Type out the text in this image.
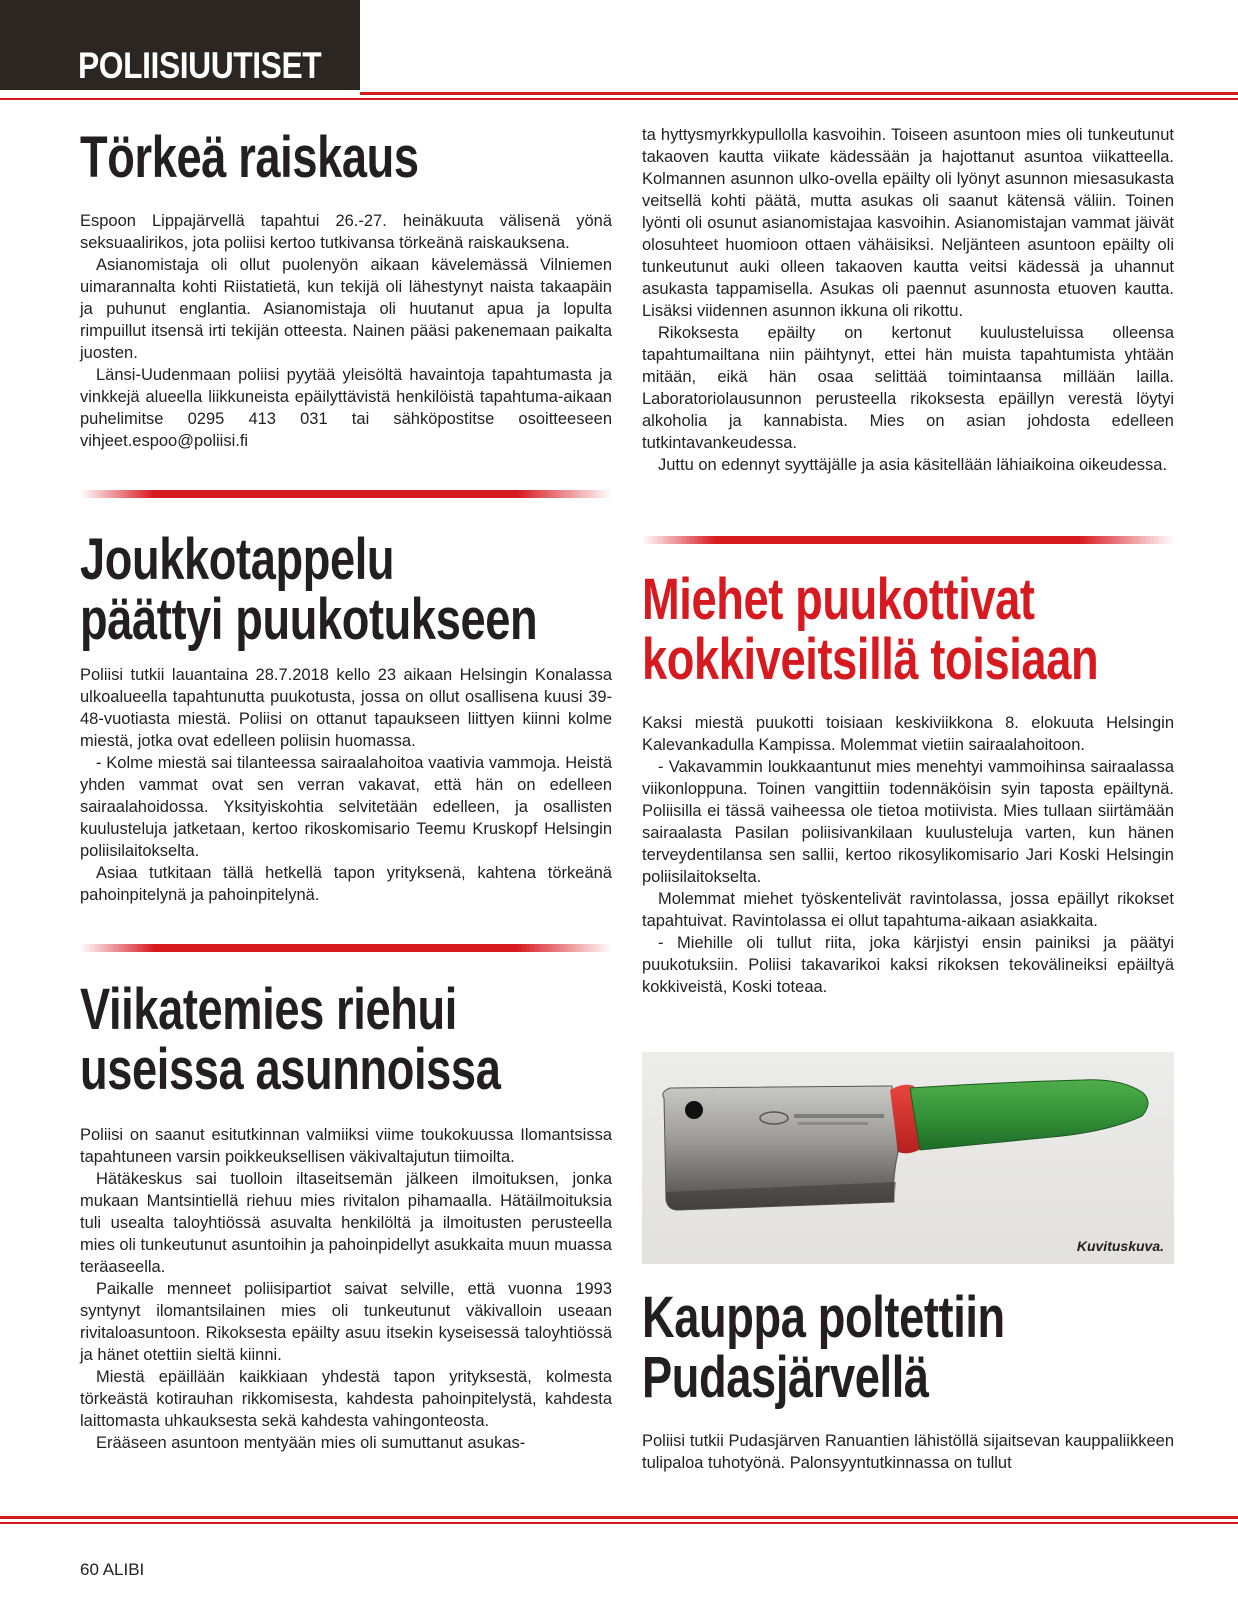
POLIISIUUTISET
Törkeä raiskaus

Espoon Lippajärvellä tapahtui 26.-27. heinäkuuta välisenä yönä seksuaalirikos, jota poliisi kertoo tutkivansa törkeänä raiskauksena.

Asianomistaja oli ollut puolenyön aikaan kävelemässä Vilniemen uimarannalta kohti Riistatietä, kun tekijä oli lähestynyt naista takaapäin ja puhunut englantia. Asianomistaja oli huutanut apua ja lopulta rimpuillut itsensä irti tekijän otteesta. Nainen pääsi pakenemaan paikalta juosten.

Länsi-Uudenmaan poliisi pyytää yleisöltä havaintoja tapahtumasta ja vinkkejä alueella liikkuneista epäilyttävistä henkilöistä tapahtuma-aikaan puhelimitse 0295 413 031 tai sähköpostitse osoitteeseen vihjeet.espoo@poliisi.fi

Joukkotappelu
päättyi puukotukseen

Poliisi tutkii lauantaina 28.7.2018 kello 23 aikaan Helsingin Konalassa ulkoalueella tapahtunutta puukotusta, jossa on ollut osallisena kuusi 39-48-vuotiasta miestä. Poliisi on ottanut tapaukseen liittyen kiinni kolme miestä, jotka ovat edelleen poliisin huomassa.

- Kolme miestä sai tilanteessa sairaalahoitoa vaativia vammoja. Heistä yhden vammat ovat sen verran vakavat, että hän on edelleen sairaalahoidossa. Yksityiskohtia selvitetään edelleen, ja osallisten kuulusteluja jatketaan, kertoo rikoskomisario Teemu Kruskopf Helsingin poliisilaitokselta.

Asiaa tutkitaan tällä hetkellä tapon yrityksenä, kahtena törkeänä pahoinpitelynä ja pahoinpitelynä.

Viikatemies riehui
useissa asunnoissa

Poliisi on saanut esitutkinnan valmiiksi viime toukokuussa Ilomantsissa tapahtuneen varsin poikkeuksellisen väkivaltajutun tiimoilta.

Hätäkeskus sai tuolloin iltaseitsemän jälkeen ilmoituksen, jonka mukaan Mantsintiellä riehuu mies rivitalon pihamaalla. Hätäilmoituksia tuli usealta taloyhtiössä asuvalta henkilöltä ja ilmoitusten perusteella mies oli tunkeutunut asuntoihin ja pahoinpidellyt asukkaita muun muassa teräaseella.

Paikalle menneet poliisipartiot saivat selville, että vuonna 1993 syntynyt ilomantsilainen mies oli tunkeutunut väkivalloin useaan rivitaloasuntoon. Rikoksesta epäilty asuu itsekin kyseisessä taloyhtiössä ja hänet otettiin sieltä kiinni.

Miestä epäillään kaikkiaan yhdestä tapon yrityksestä, kolmesta törkeästä kotirauhan rikkomisesta, kahdesta pahoinpitelystä, kahdesta laittomasta uhkauksesta sekä kahdesta vahingonteosta.

Erääseen asuntoon mentyään mies oli sumuttanut asukas-

ta hyttysmyrkkypullolla kasvoihin. Toiseen asuntoon mies oli tunkeutunut takaoven kautta viikate kädessään ja hajottanut asuntoa viikatteella. Kolmannen asunnon ulko-ovella epäilty oli lyönyt asunnon miesasukasta veitsellä kohti päätä, mutta asukas oli saanut kätensä väliin. Toinen lyönti oli osunut asianomistajaa kasvoihin. Asianomistajan vammat jäivät olosuhteet huomioon ottaen vähäisiksi. Neljänteen asuntoon epäilty oli tunkeutunut auki olleen takaoven kautta veitsi kädessä ja uhannut asukasta tappamisella. Asukas oli paennut asunnosta etuoven kautta. Lisäksi viidennen asunnon ikkuna oli rikottu.

Rikoksesta epäilty on kertonut kuulusteluissa olleensa tapahtumailtana niin päihtynyt, ettei hän muista tapahtumista yhtään mitään, eikä hän osaa selittää toimintaansa millään lailla. Laboratoriolausunnon perusteella rikoksesta epäillyn verestä löytyi alkoholia ja kannabista. Mies on asian johdosta edelleen tutkintavankeudessa.

Juttu on edennyt syyttäjälle ja asia käsitellään lähiaikoina oikeudessa.

Miehet puukottivat
kokkiveitsillä toisiaan

Kaksi miestä puukotti toisiaan keskiviikkona 8. elokuuta Helsingin Kalevankadulla Kampissa. Molemmat vietiin sairaalahoitoon.

- Vakavammin loukkaantunut mies menehtyi vammoihinsa sairaalassa viikonloppuna. Toinen vangittiin todennäköisin syin taposta epäiltynä. Poliisilla ei tässä vaiheessa ole tietoa motiivista. Mies tullaan siirtämään sairaalasta Pasilan poliisivankilaan kuulusteluja varten, kun hänen terveydentilansa sen sallii, kertoo rikosylikomisario Jari Koski Helsingin poliisilaitokselta.

Molemmat miehet työskentelivät ravintolassa, jossa epäillyt rikokset tapahtuivat. Ravintolassa ei ollut tapahtuma-aikaan asiakkaita.

- Miehille oli tullut riita, joka kärjistyi ensin painiksi ja päätyi puukotuksiin. Poliisi takavarikoi kaksi rikoksen tekovälineiksi epäiltyä kokkiveistä, Koski toteaa.

Kuvituskuva.
Kauppa poltettiin
Pudasjärvellä

Poliisi tutkii Pudasjärven Ranuantien lähistöllä sijaitsevan kauppaliikkeen tulipaloa tuhotyönä. Palonsyyntutkinnassa on tullut

60 ALIBI
